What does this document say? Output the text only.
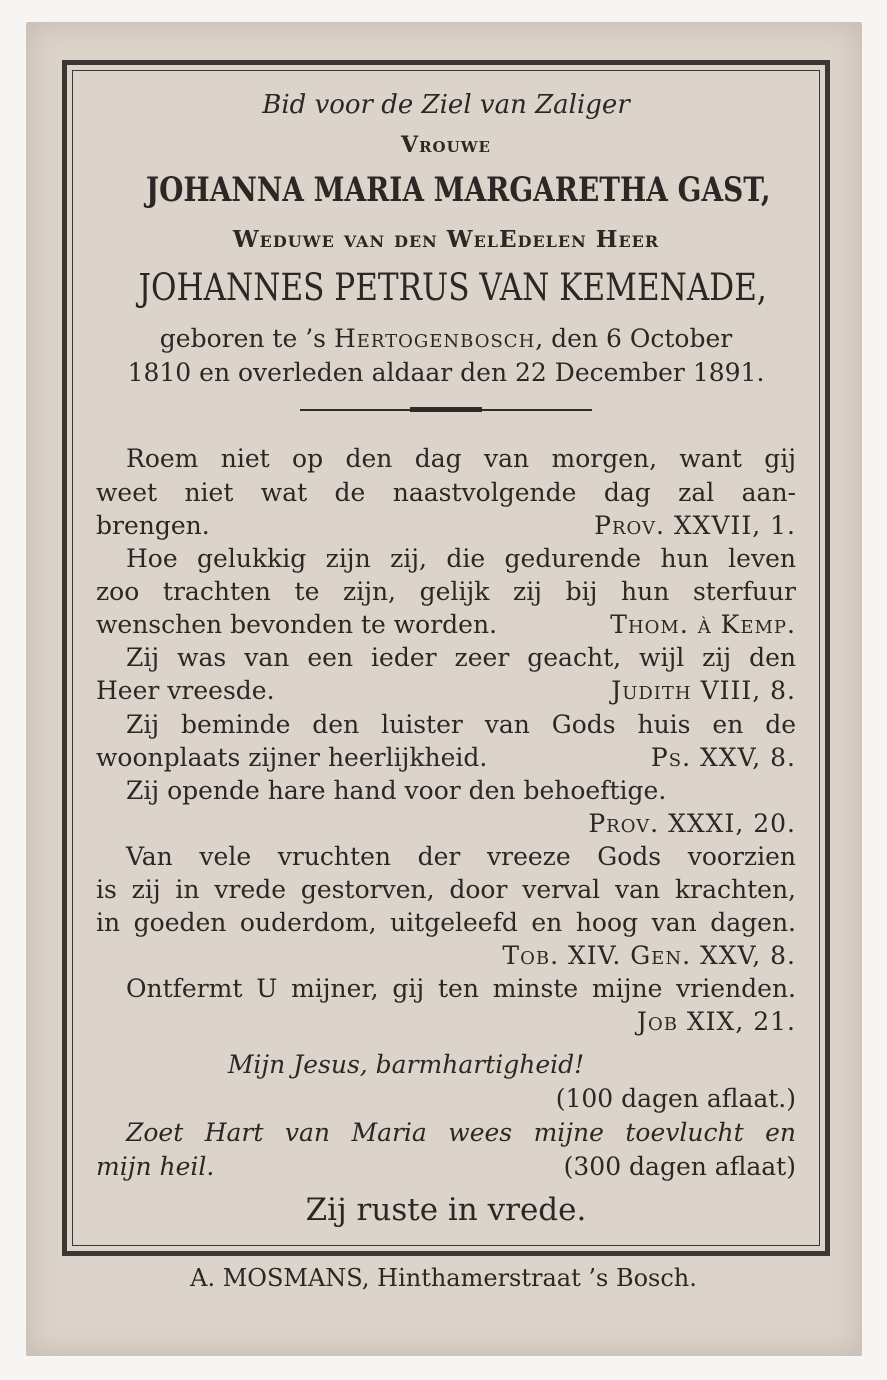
Bid voor de Ziel van Zaliger
Vrouwe
JOHANNA MARIA MARGARETHA GAST,
Weduwe van den WelEdelen Heer
JOHANNES PETRUS VAN KEMENADE,
geboren te ’s Hertogenbosch, den 6 October
1810 en overleden aldaar den 22 December 1891.
Roem niet op den dag van morgen, want gij
weet niet wat de naastvolgende dag zal aan-
brengen.	Prov. XXVII, 1.
Hoe gelukkig zijn zij, die gedurende hun leven
zoo trachten te zijn, gelijk zij bij hun sterfuur
wenschen bevonden te worden.	Thom. à Kemp.
Zij was van een ieder zeer geacht, wijl zij den
Heer vreesde.	Judith VIII, 8.
Zij beminde den luister van Gods huis en de
woonplaats zijner heerlijkheid.	Ps. XXV, 8.
Zij opende hare hand voor den behoeftige.
Prov. XXXI, 20.
Van vele vruchten der vreeze Gods voorzien
is zij in vrede gestorven, door verval van krachten,
in goeden ouderdom, uitgeleefd en hoog van dagen.
Tob. XIV. Gen. XXV, 8.
Ontfermt U mijner, gij ten minste mijne vrienden.
Job XIX, 21.
Mijn Jesus, barmhartigheid!
(100 dagen aflaat.)
Zoet Hart van Maria wees mijne toevlucht en
mijn heil.	(300 dagen aflaat)
Zij ruste in vrede.
A. MOSMANS, Hinthamerstraat ’s Bosch.
